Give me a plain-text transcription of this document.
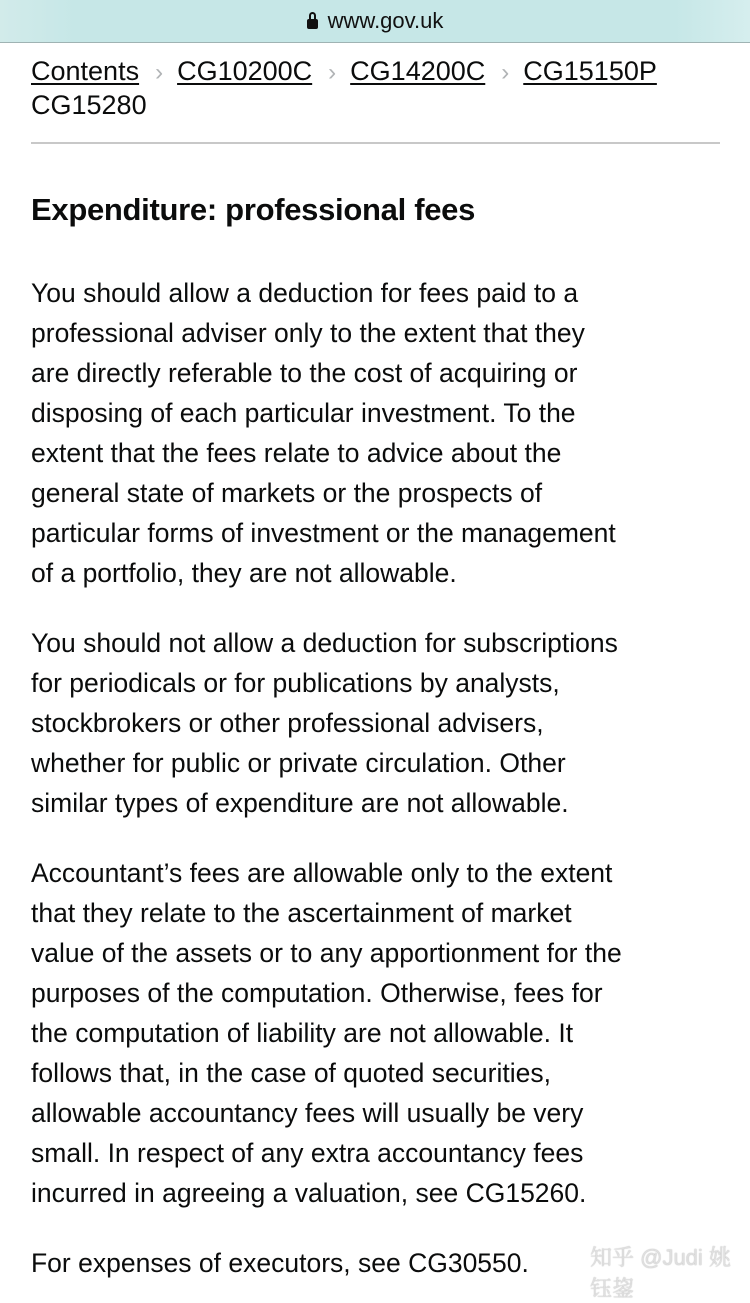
www.gov.uk
Contents › CG10200C › CG14200C › CG15150P
CG15280
Expenditure: professional fees

You should allow a deduction for fees paid to a
professional adviser only to the extent that they
are directly referable to the cost of acquiring or
disposing of each particular investment. To the
extent that the fees relate to advice about the
general state of markets or the prospects of
particular forms of investment or the management
of a portfolio, they are not allowable.

You should not allow a deduction for subscriptions
for periodicals or for publications by analysts,
stockbrokers or other professional advisers,
whether for public or private circulation. Other
similar types of expenditure are not allowable.

Accountant’s fees are allowable only to the extent
that they relate to the ascertainment of market
value of the assets or to any apportionment for the
purposes of the computation. Otherwise, fees for
the computation of liability are not allowable. It
follows that, in the case of quoted securities,
allowable accountancy fees will usually be very
small. In respect of any extra accountancy fees
incurred in agreeing a valuation, see CG15260.

For expenses of executors, see CG30550.	知乎 @Judi 姚钰鋆
